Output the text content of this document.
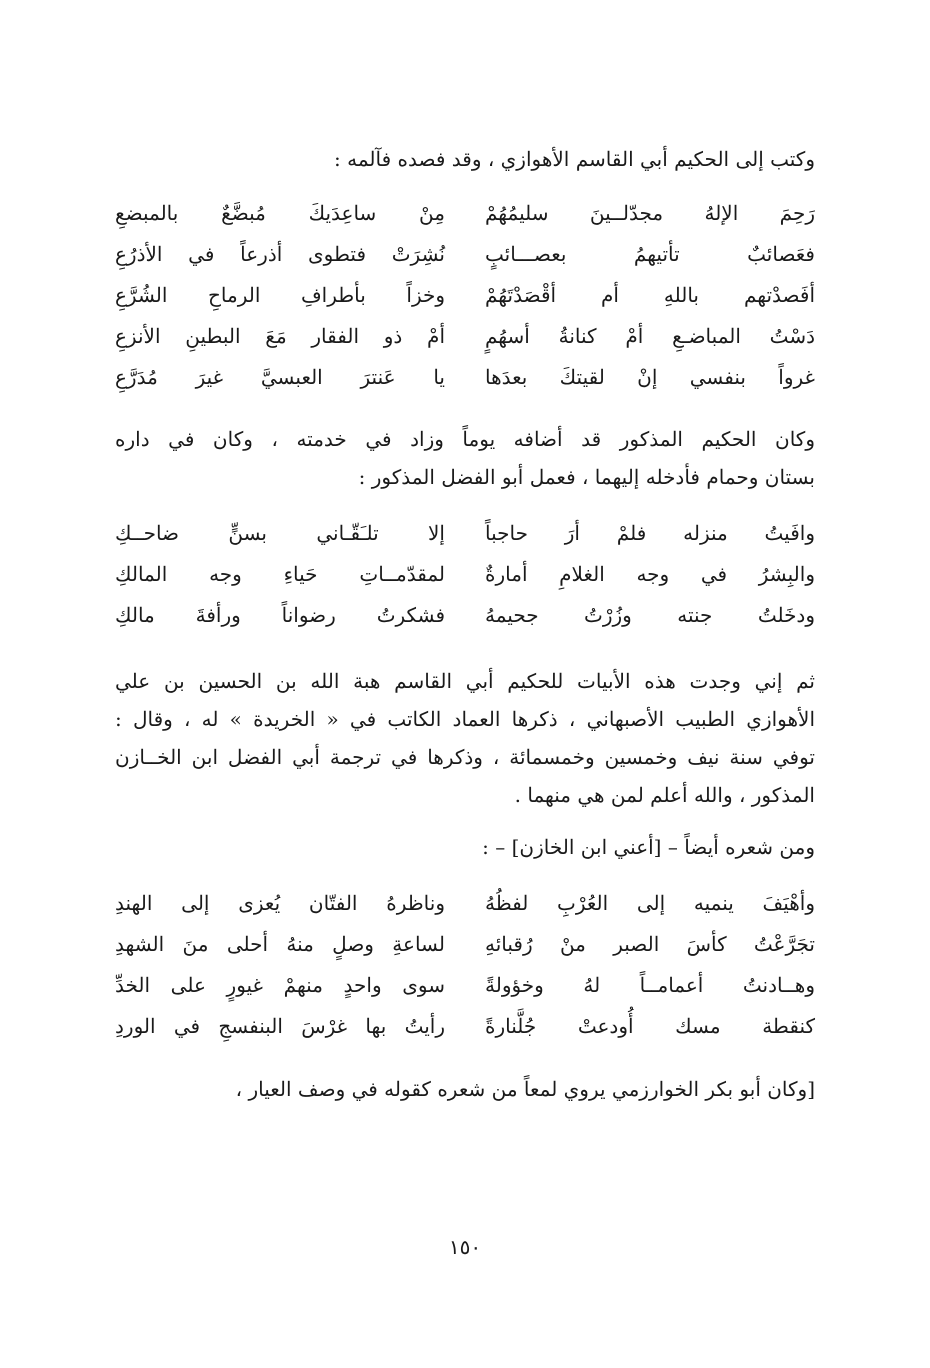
وكتب إلى الحكيم أبي القاسم الأهوازي ، وقد فصده فآلمه :
رَحِمَ الإلهُ مجدّلــينَ سليمُهُمْ
مِنْ ساعِدَيكَ مُبضَّعٌ بالمبضعِ
فعَصائبٌ تأتيهمُ بعصـــائبٍ
نُشِرَتْ فتطوى أذرعاً في الأذرُعِ
أفَصدْتهم باللهِ أم أقْصَدْتَهُمْ
وخزاً بأطرافِ الرماحِ الشُرَّعِ
دَسْتُ المباضـعِ أمْ كنانةُ أسهُمٍ
أمْ ذو الفقار مَعَ البطينِ الأنزعِ
غرواً بنفسي إنْ لقيتكَ بعدَها
يا عَنترَ العبسيَّ غيرَ مُدَرَّعِ
وكان الحكيم المذكور قد أضافه يوماً وزاد في خدمته ، وكان في داره
بستان وحمام فأدخله إليهما ، فعمل أبو الفضل المذكور :
وافَيتُ منزله فلمْ أرَ حاجباً
إلا تلـَقّـاني بسنٍّ ضاحــكِ
والبِشرُ في وجه الغلامِ أمارةٌ
لمقدّمــاتِ حَياءِ وجه المالكِ
ودخَلتُ جنته وزُرْتُ جحيمهُ
فشكرتُ رضواناً ورأفةَ مالكِ
ثم إني وجدت هذه الأبيات للحكيم أبي القاسم هبة الله بن الحسين بن علي
الأهوازي الطبيب الأصبهاني ، ذكرها العماد الكاتب في « الخريدة » له ، وقال :
توفي سنة نيف وخمسين وخمسمائة ، وذكرها في ترجمة أبي الفضل ابن الخــازن
المذكور ، والله أعلم لمن هي منهما .
ومن شعره أيضاً – [أعني ابن الخازن] – :
وأهْيَفَ ينميه إلى العُرْبِ لفظُهُ
وناظرهُ الفتّان يُعزى إلى الهندِ
تجَرَّعْتُ كأسَ الصبر منْ رُقبائهِ
لساعةِ وصلٍ منهُ أحلى منَ الشهدِ
وهــادنتُ أعمامــاً لهُ وخؤولةً
سوى واحدٍ منهمْ غيورٍ على الخدِّ
كنقطة مسك أُودعتْ جُلَّنارةً
رأيتُ بها غرْسَ البنفسجِ في الوردِ
[وكان أبو بكر الخوارزمي يروي لمعاً من شعره كقوله في وصف العيار ،
١٥٠
